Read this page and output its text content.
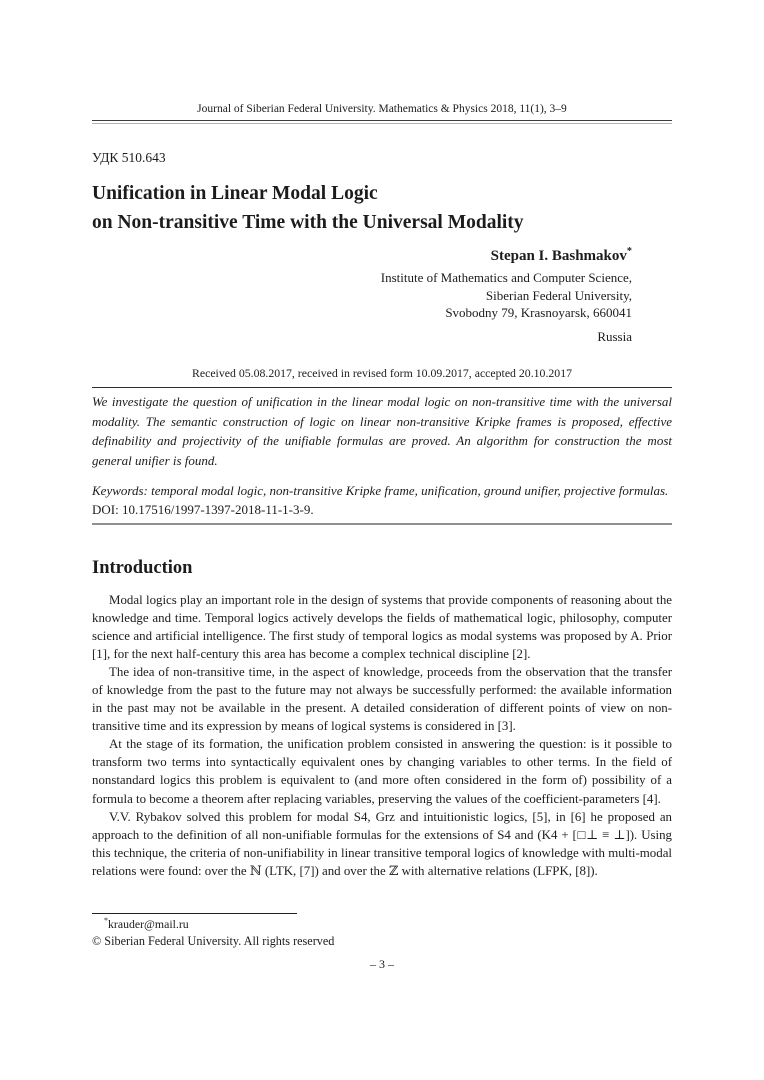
Journal of Siberian Federal University. Mathematics & Physics 2018, 11(1), 3–9
УДК 510.643
Unification in Linear Modal Logic
on Non-transitive Time with the Universal Modality
Stepan I. Bashmakov*
Institute of Mathematics and Computer Science,
Siberian Federal University,
Svobodny 79, Krasnoyarsk, 660041
Russia
Received 05.08.2017, received in revised form 10.09.2017, accepted 20.10.2017

We investigate the question of unification in the linear modal logic on non-transitive time with the universal modality. The semantic construction of logic on linear non-transitive Kripke frames is proposed, effective definability and projectivity of the unifiable formulas are proved. An algorithm for construction the most general unifier is found.

Keywords: temporal modal logic, non-transitive Kripke frame, unification, ground unifier, projective formulas.

DOI: 10.17516/1997-1397-2018-11-1-3-9.

Introduction

Modal logics play an important role in the design of systems that provide components of reasoning about the knowledge and time. Temporal logics actively develops the fields of mathematical logic, philosophy, computer science and artificial intelligence. The first study of temporal logics as modal systems was proposed by A. Prior [1], for the next half-century this area has become a complex technical discipline [2].

The idea of non-transitive time, in the aspect of knowledge, proceeds from the observation that the transfer of knowledge from the past to the future may not always be successfully performed: the available information in the past may not be available in the present. A detailed consideration of different points of view on non-transitive time and its expression by means of logical systems is considered in [3].

At the stage of its formation, the unification problem consisted in answering the question: is it possible to transform two terms into syntactically equivalent ones by changing variables to other terms. In the field of nonstandard logics this problem is equivalent to (and more often considered in the form of) possibility of a formula to become a theorem after replacing variables, preserving the values of the coefficient-parameters [4].

V.V. Rybakov solved this problem for modal S4, Grz and intuitionistic logics, [5], in [6] he proposed an approach to the definition of all non-unifiable formulas for the extensions of S4 and (K4 + [□⊥ ≡ ⊥]). Using this technique, the criteria of non-unifiability in linear transitive temporal logics of knowledge with multi-modal relations were found: over the ℕ (LTK, [7]) and over the ℤ with alternative relations (LFPK, [8]).

*krauder@mail.ru
© Siberian Federal University. All rights reserved
– 3 –
